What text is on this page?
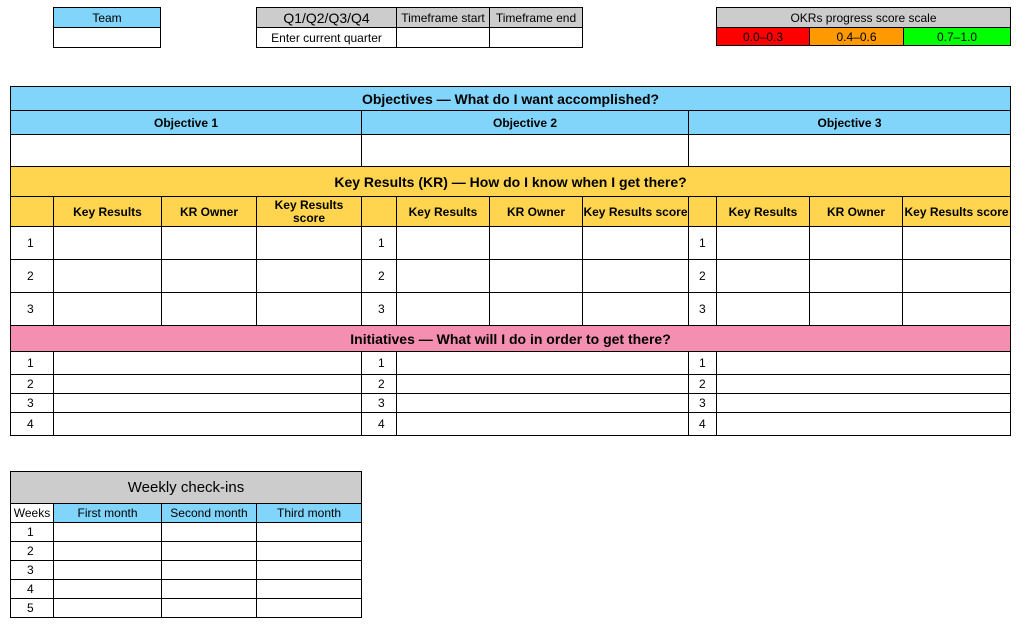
Team	Q1/Q2/Q3/Q4	Timeframe start	Timeframe end
Enter current quarter		
OKRs progress score scale
0.0–0.3	0.4–0.6	0.7–1.0
Objectives — What do I want accomplished?											
Objective 1				Objective 2				Objective 3			

Key Results (KR) — How do I know when I get there?											
	Key Results	KR Owner	Key Results score		Key Results	KR Owner	Key Results score		Key Results	KR Owner	Key Results score
1				1				1			
2				2				2			
3				3				3			
Initiatives — What will I do in order to get there?											
1				1				1			
2				2				2			
3				3				3			
4				4				4			
Weekly check-ins			
Weeks	First month	Second month	Third month
1			
2			
3			
4			
5			
